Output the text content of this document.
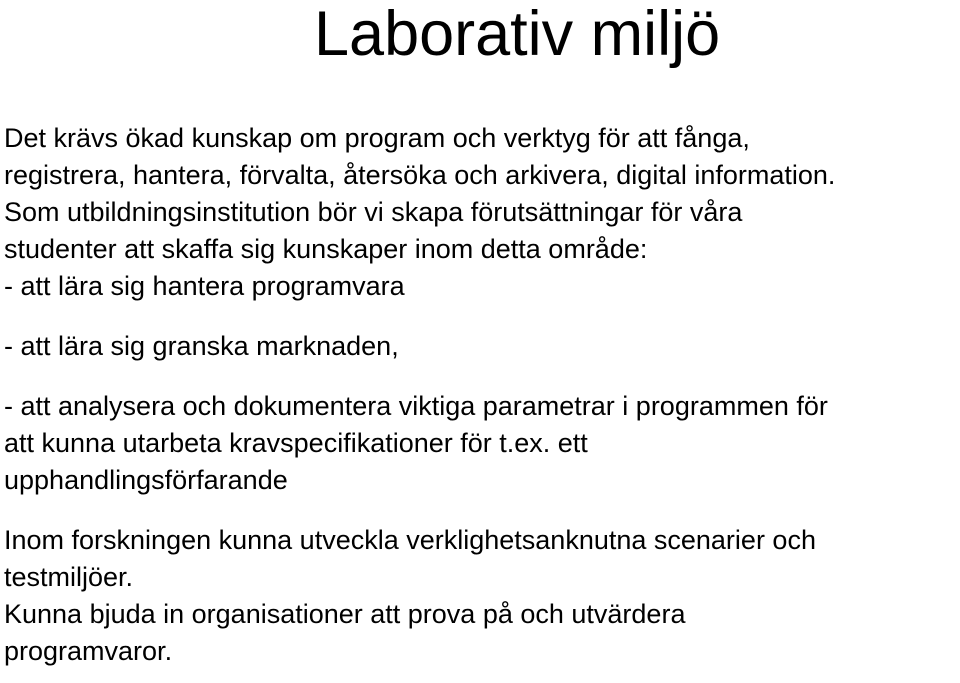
Laborativ miljö
Det krävs ökad kunskap om program och verktyg för att fånga,
registrera, hantera, förvalta, återsöka och arkivera, digital information.
Som utbildningsinstitution bör vi skapa förutsättningar för våra
studenter att skaffa sig kunskaper inom detta område:
- att lära sig hantera programvara
- att lära sig granska marknaden,
- att analysera och dokumentera viktiga parametrar i programmen för
att kunna utarbeta kravspecifikationer för t.ex. ett
upphandlingsförfarande
Inom forskningen kunna utveckla verklighetsanknutna scenarier och
testmiljöer.
Kunna bjuda in organisationer att prova på och utvärdera
programvaror.
